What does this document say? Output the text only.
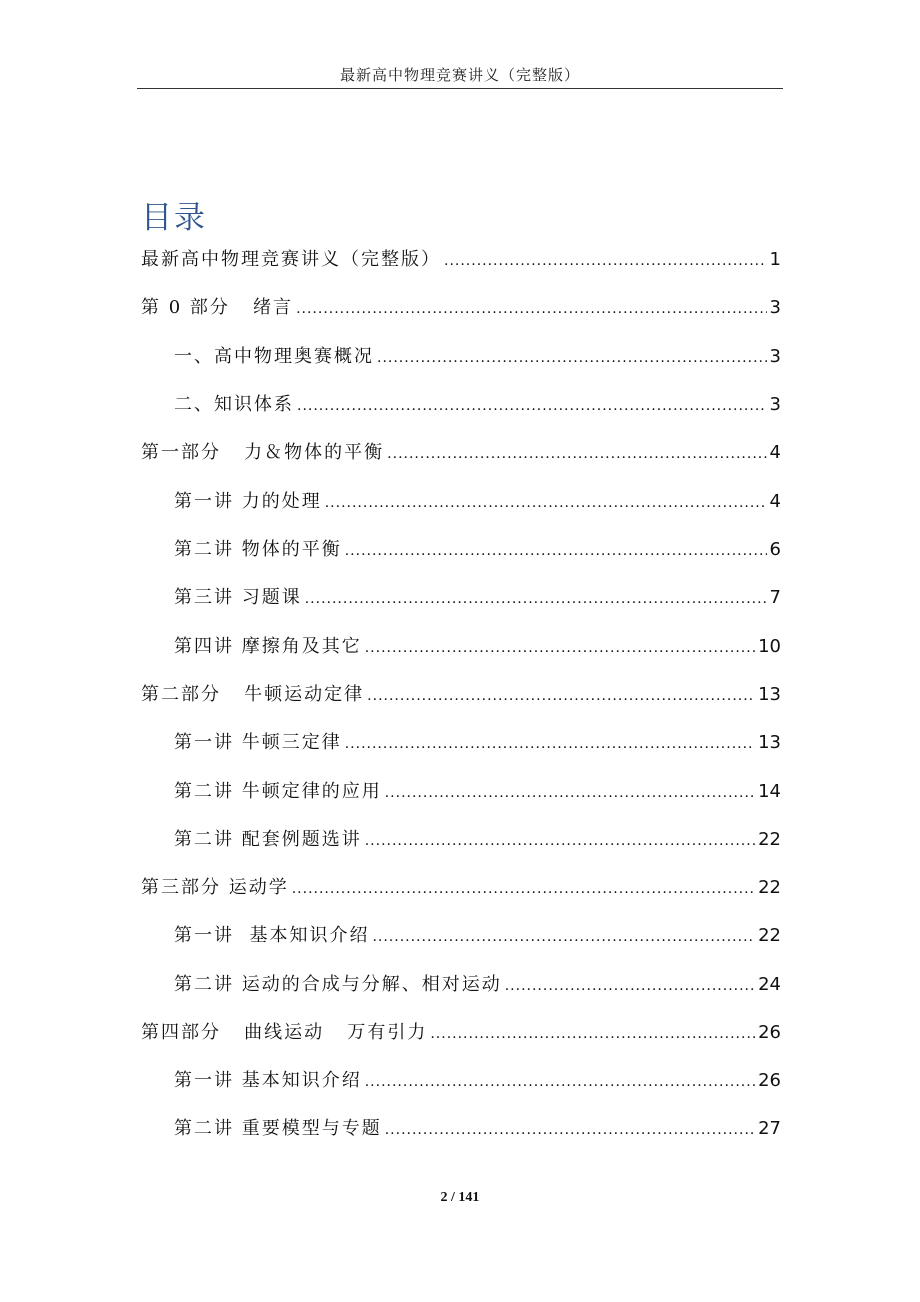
最新高中物理竞赛讲义（完整版）
目录
最新高中物理竞赛讲义（完整版） .....	1
第 0 部分   绪言 .....	3
一、高中物理奥赛概况 .....	3
二、知识体系 .....	3
第一部分   力＆物体的平衡 .....	4
第一讲 力的处理 .....	4
第二讲 物体的平衡 .....	6
第三讲 习题课 .....	7
第四讲 摩擦角及其它 .....	10
第二部分   牛顿运动定律 .....	13
第一讲 牛顿三定律 .....	13
第二讲 牛顿定律的应用 .....	14
第二讲 配套例题选讲 .....	22
第三部分 运动学 .....	22
第一讲  基本知识介绍 .....	22
第二讲 运动的合成与分解、相对运动 .....	24
第四部分   曲线运动   万有引力 .....	26
第一讲 基本知识介绍 .....	26
第二讲 重要模型与专题 .....	27
2 / 141
